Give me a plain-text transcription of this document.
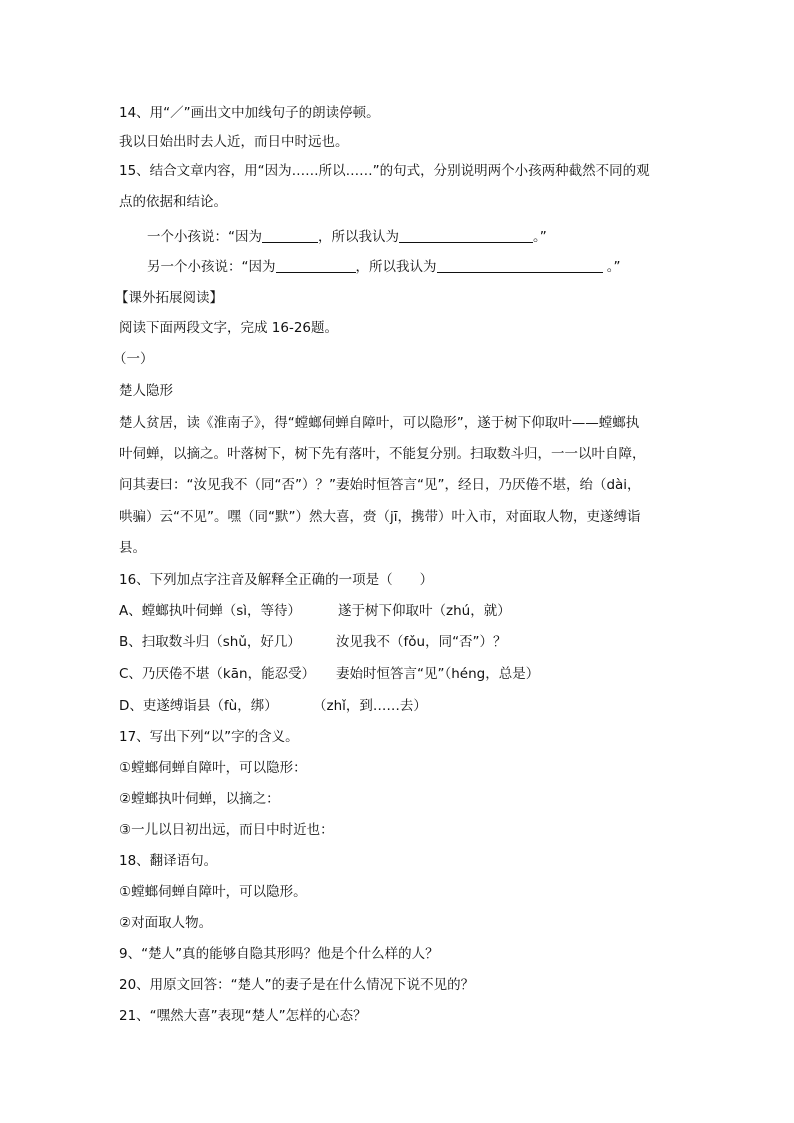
14、用“／”画出文中加线句子的朗读停顿。
我以日始出时去人近，而日中时远也。
15、结合文章内容，用“因为……所以……”的句式，分别说明两个小孩两种截然不同的观
点的依据和结论。
一个小孩说：“因为	，所以我认为	。”
另一个小孩说：“因为	，所以我认为	。”
【课外拓展阅读】
阅读下面两段文字，完成 16-26题。
（一）
楚人隐形
楚人贫居，读《淮南子》，得“螳螂伺蝉自障叶，可以隐形”，遂于树下仰取叶——螳螂执
叶伺蝉，以摘之。叶落树下，树下先有落叶，不能复分别。扫取数斗归，一一以叶自障，
问其妻曰：“汝见我不（同“否”）？”妻始时恒答言“见”，经日，乃厌倦不堪，绐（dài，
哄骗）云“不见”。嘿（同“默”）然大喜，赍（jī，携带）叶入市，对面取人物，吏遂缚诣
县。
16、下列加点字注音及解释全正确的一项是（　　）
A、螳螂执叶伺蝉（sì，等待）	遂于树下仰取叶（zhú，就）
B、扫取数斗归（shǔ，好几）	汝见我不（fǒu，同“否”）？
C、乃厌倦不堪（kān，能忍受） 妻始时恒答言“见”（héng，总是）
D、吏遂缚诣县（fù，绑）	（zhǐ，到……去）
17、写出下列“以”字的含义。
①螳螂伺蝉自障叶，可以隐形：
②螳螂执叶伺蝉，以摘之：
③一儿以日初出远，而日中时近也：
18、翻译语句。
①螳螂伺蝉自障叶，可以隐形。
②对面取人物。
9、“楚人”真的能够自隐其形吗？他是个什么样的人？
20、用原文回答：“楚人”的妻子是在什么情况下说不见的？
21、“嘿然大喜”表现“楚人”怎样的心态？
